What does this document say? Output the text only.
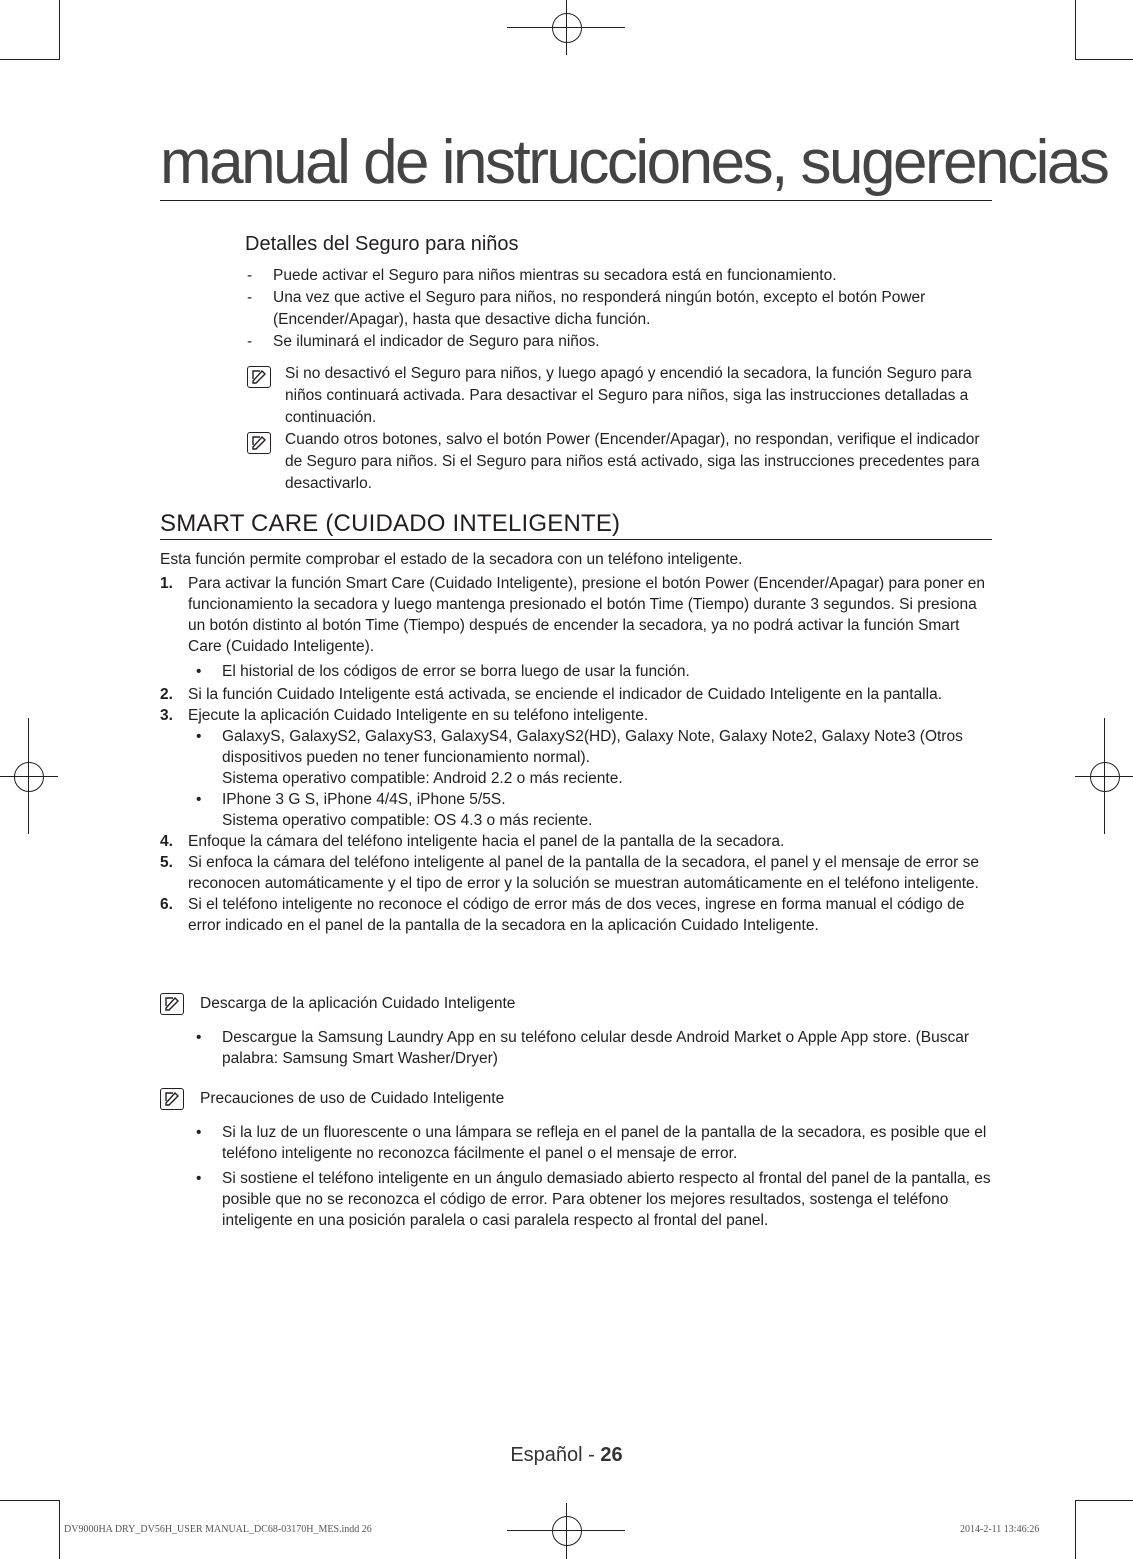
manual de instrucciones, sugerencias
Detalles del Seguro para niños
- Puede activar el Seguro para niños mientras su secadora está en funcionamiento.
- Una vez que active el Seguro para niños, no responderá ningún botón, excepto el botón Power (Encender/Apagar), hasta que desactive dicha función.
- Se iluminará el indicador de Seguro para niños.
Si no desactivó el Seguro para niños, y luego apagó y encendió la secadora, la función Seguro para niños continuará activada. Para desactivar el Seguro para niños, siga las instrucciones detalladas a continuación.
Cuando otros botones, salvo el botón Power (Encender/Apagar), no respondan, verifique el indicador de Seguro para niños. Si el Seguro para niños está activado, siga las instrucciones precedentes para desactivarlo.
SMART CARE (CUIDADO INTELIGENTE)
Esta función permite comprobar el estado de la secadora con un teléfono inteligente.
1. Para activar la función Smart Care (Cuidado Inteligente), presione el botón Power (Encender/Apagar) para poner en funcionamiento la secadora y luego mantenga presionado el botón Time (Tiempo) durante 3 segundos. Si presiona un botón distinto al botón Time (Tiempo) después de encender la secadora, ya no podrá activar la función Smart Care (Cuidado Inteligente).
• El historial de los códigos de error se borra luego de usar la función.
2. Si la función Cuidado Inteligente está activada, se enciende el indicador de Cuidado Inteligente en la pantalla.
3. Ejecute la aplicación Cuidado Inteligente en su teléfono inteligente.
• GalaxyS, GalaxyS2, GalaxyS3, GalaxyS4, GalaxyS2(HD), Galaxy Note, Galaxy Note2, Galaxy Note3 (Otros dispositivos pueden no tener funcionamiento normal).
Sistema operativo compatible: Android 2.2 o más reciente.
• IPhone 3 G S, iPhone 4/4S, iPhone 5/5S.
Sistema operativo compatible: OS 4.3 o más reciente.
4. Enfoque la cámara del teléfono inteligente hacia el panel de la pantalla de la secadora.
5. Si enfoca la cámara del teléfono inteligente al panel de la pantalla de la secadora, el panel y el mensaje de error se reconocen automáticamente y el tipo de error y la solución se muestran automáticamente en el teléfono inteligente.
6. Si el teléfono inteligente no reconoce el código de error más de dos veces, ingrese en forma manual el código de error indicado en el panel de la pantalla de la secadora en la aplicación Cuidado Inteligente.
Descarga de la aplicación Cuidado Inteligente
• Descargue la Samsung Laundry App en su teléfono celular desde Android Market o Apple App store. (Buscar palabra: Samsung Smart Washer/Dryer)
Precauciones de uso de Cuidado Inteligente
• Si la luz de un fluorescente o una lámpara se refleja en el panel de la pantalla de la secadora, es posible que el teléfono inteligente no reconozca fácilmente el panel o el mensaje de error.
• Si sostiene el teléfono inteligente en un ángulo demasiado abierto respecto al frontal del panel de la pantalla, es posible que no se reconozca el código de error. Para obtener los mejores resultados, sostenga el teléfono inteligente en una posición paralela o casi paralela respecto al frontal del panel.
Español - 26
DV9000HA DRY_DV56H_USER MANUAL_DC68-03170H_MES.indd 26	2014-2-11 13:46:26
